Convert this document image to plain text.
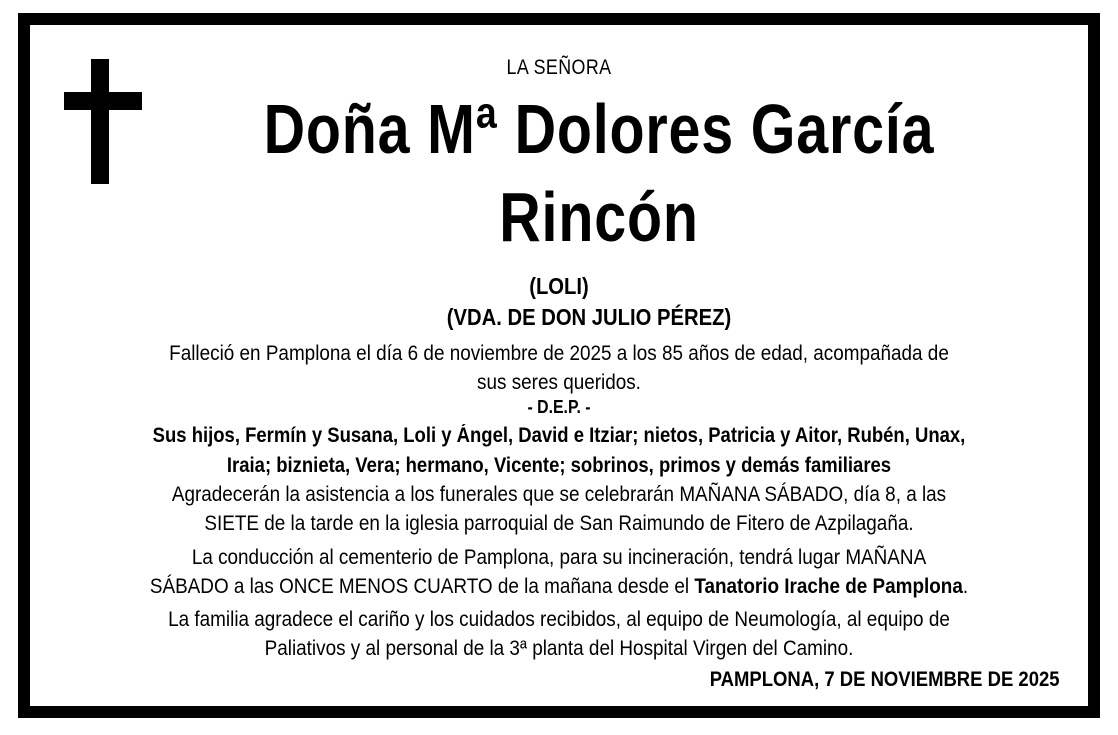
LA SEÑORA
Doña Mª Dolores García
Rincón
(LOLI)
(VDA. DE DON JULIO PÉREZ)
Falleció en Pamplona el día 6 de noviembre de 2025 a los 85 años de edad, acompañada de
sus seres queridos.
- D.E.P. -
Sus hijos, Fermín y Susana, Loli y Ángel, David e Itziar; nietos, Patricia y Aitor, Rubén, Unax,
Iraia; biznieta, Vera; hermano, Vicente; sobrinos, primos y demás familiares
Agradecerán la asistencia a los funerales que se celebrarán MAÑANA SÁBADO, día 8, a las
SIETE de la tarde en la iglesia parroquial de San Raimundo de Fitero de Azpilagaña.
La conducción al cementerio de Pamplona, para su incineración, tendrá lugar MAÑANA
SÁBADO a las ONCE MENOS CUARTO de la mañana desde el Tanatorio Irache de Pamplona.
La familia agradece el cariño y los cuidados recibidos, al equipo de Neumología, al equipo de
Paliativos y al personal de la 3ª planta del Hospital Virgen del Camino.
PAMPLONA, 7 DE NOVIEMBRE DE 2025
